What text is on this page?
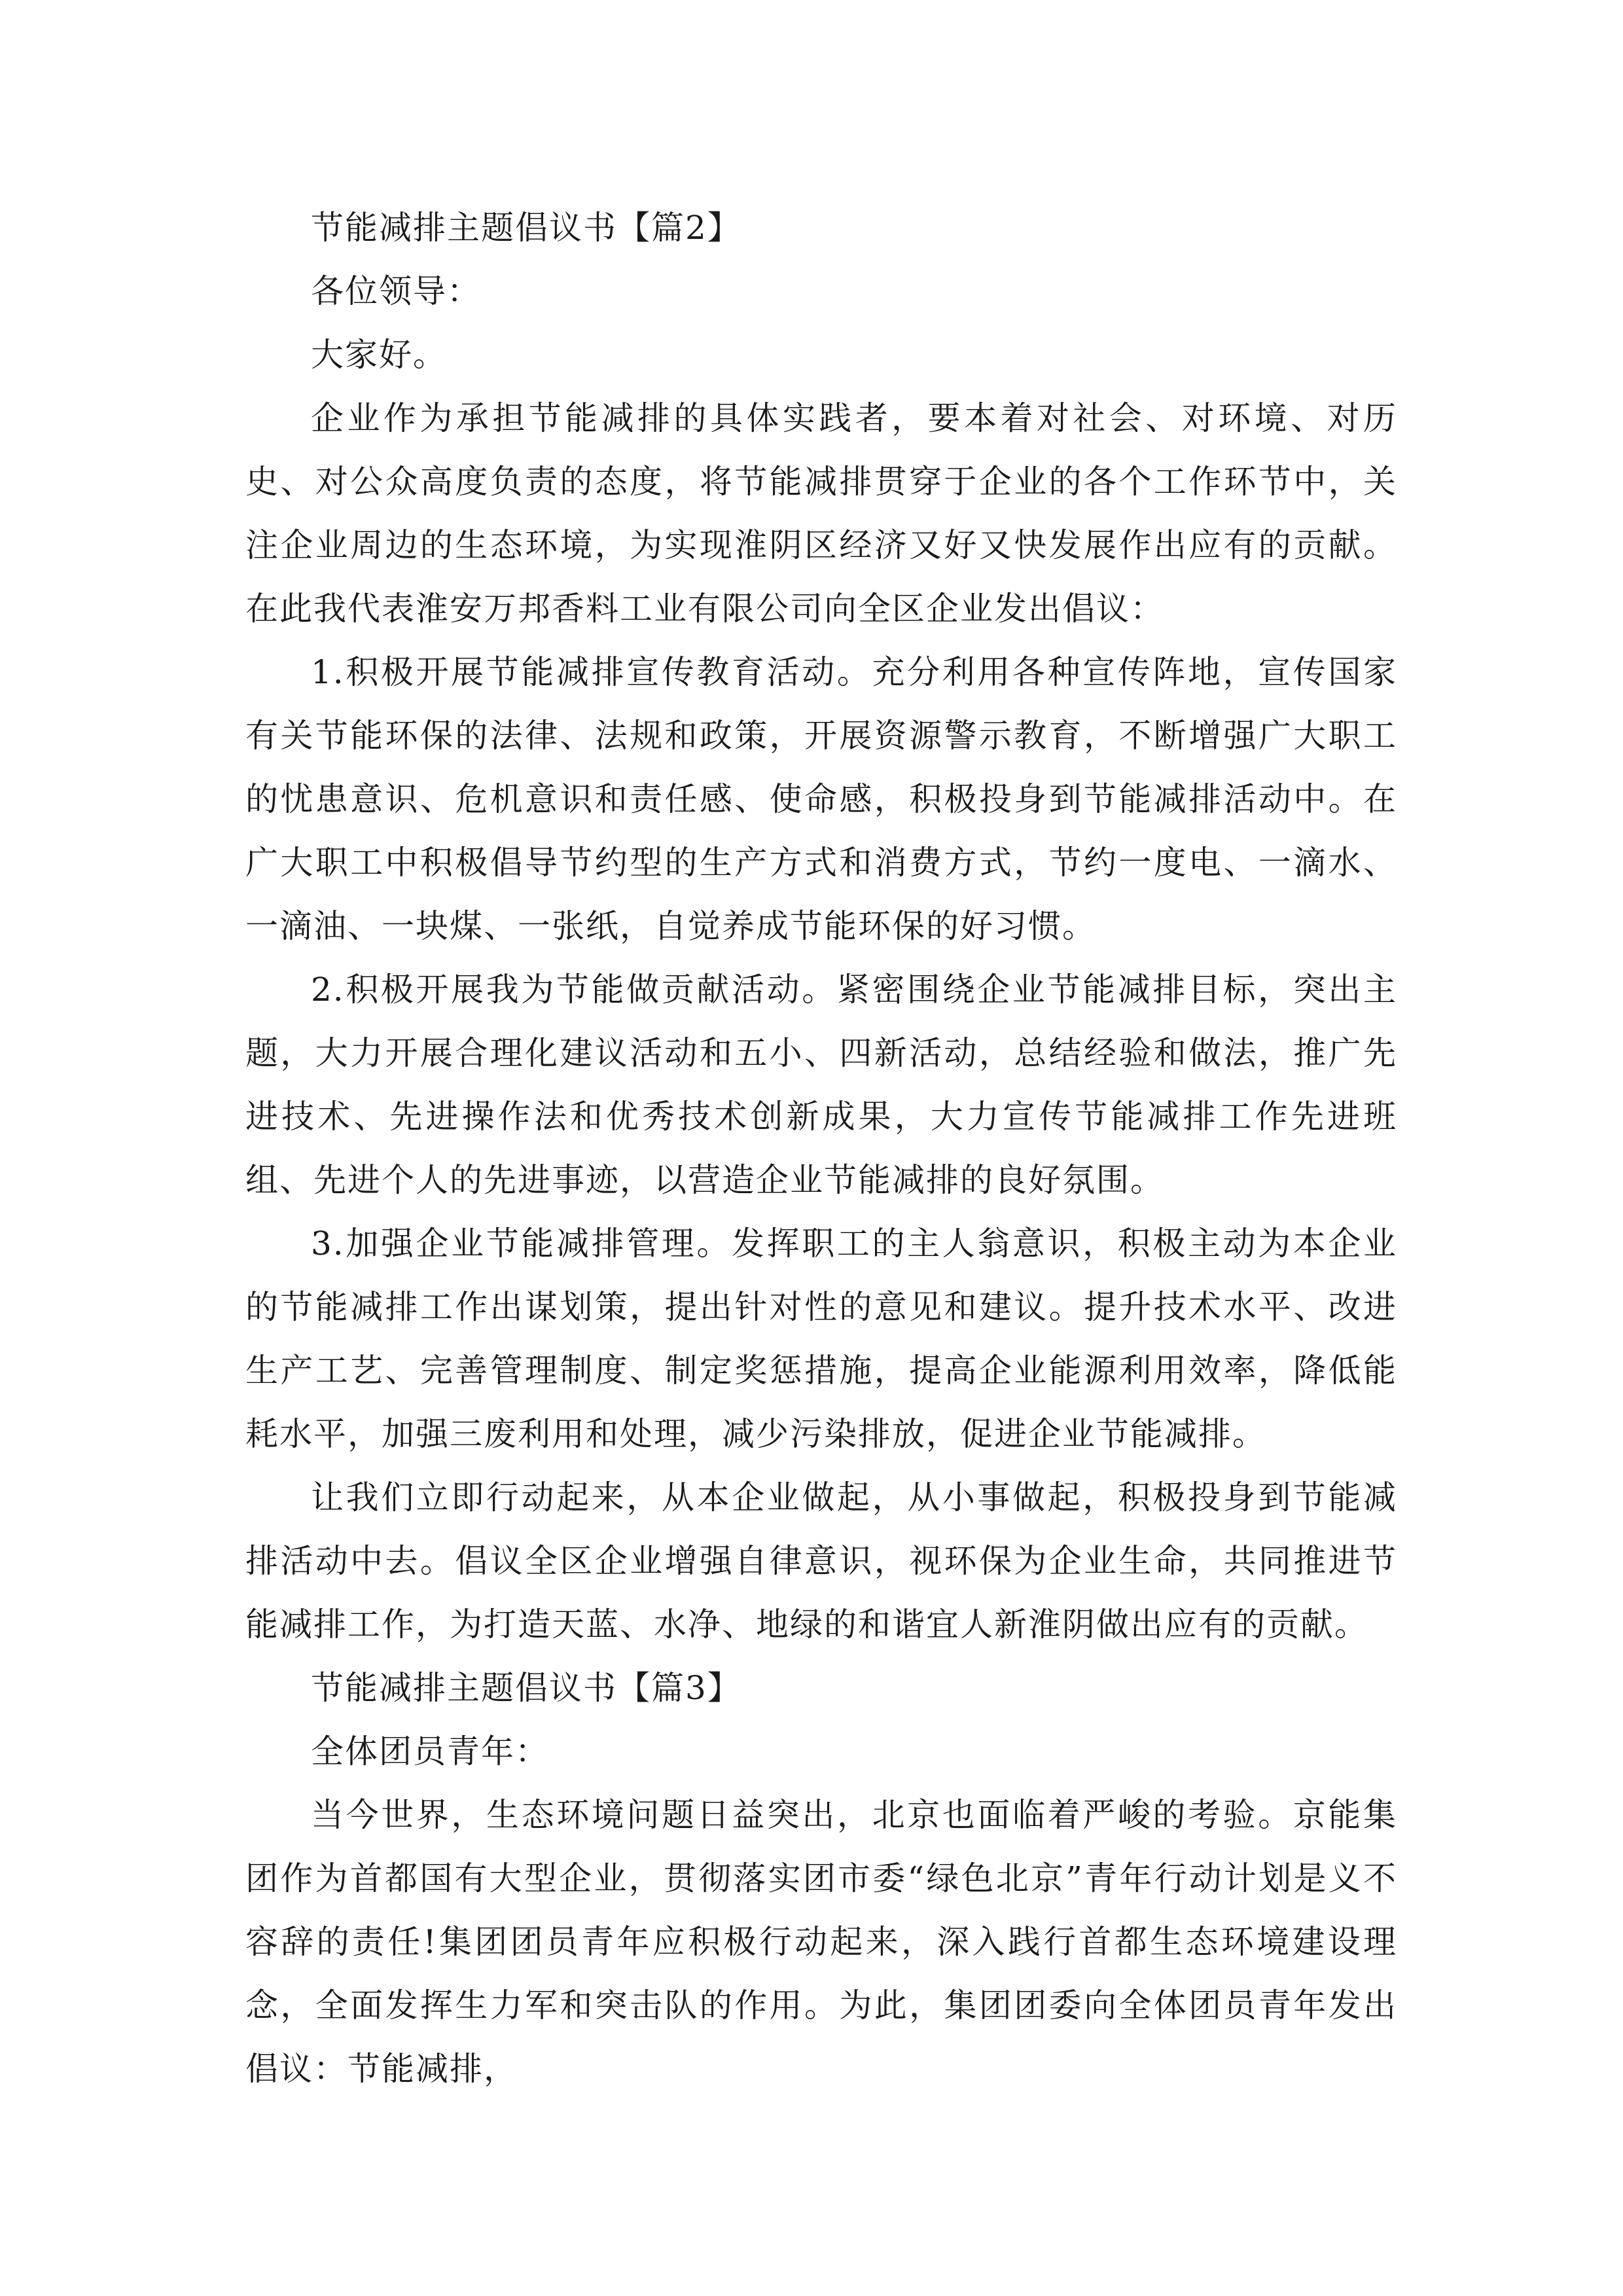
节能减排主题倡议书【篇2】

各位领导：

大家好。

企业作为承担节能减排的具体实践者，要本着对社会、对环境、对历史、对公众高度负责的态度，将节能减排贯穿于企业的各个工作环节中，关注企业周边的生态环境，为实现淮阴区经济又好又快发展作出应有的贡献。在此我代表淮安万邦香料工业有限公司向全区企业发出倡议：

1.积极开展节能减排宣传教育活动。充分利用各种宣传阵地，宣传国家有关节能环保的法律、法规和政策，开展资源警示教育，不断增强广大职工的忧患意识、危机意识和责任感、使命感，积极投身到节能减排活动中。在广大职工中积极倡导节约型的生产方式和消费方式，节约一度电、一滴水、一滴油、一块煤、一张纸，自觉养成节能环保的好习惯。

2.积极开展我为节能做贡献活动。紧密围绕企业节能减排目标，突出主题，大力开展合理化建议活动和五小、四新活动，总结经验和做法，推广先进技术、先进操作法和优秀技术创新成果，大力宣传节能减排工作先进班组、先进个人的先进事迹，以营造企业节能减排的良好氛围。

3.加强企业节能减排管理。发挥职工的主人翁意识，积极主动为本企业的节能减排工作出谋划策，提出针对性的意见和建议。提升技术水平、改进生产工艺、完善管理制度、制定奖惩措施，提高企业能源利用效率，降低能耗水平，加强三废利用和处理，减少污染排放，促进企业节能减排。

让我们立即行动起来，从本企业做起，从小事做起，积极投身到节能减排活动中去。倡议全区企业增强自律意识，视环保为企业生命，共同推进节能减排工作，为打造天蓝、水净、地绿的和谐宜人新淮阴做出应有的贡献。

节能减排主题倡议书【篇3】

全体团员青年：

当今世界，生态环境问题日益突出，北京也面临着严峻的考验。京能集团作为首都国有大型企业，贯彻落实团市委“绿色北京”青年行动计划是义不容辞的责任!集团团员青年应积极行动起来，深入践行首都生态环境建设理念，全面发挥生力军和突击队的作用。为此，集团团委向全体团员青年发出倡议：节能减排，
